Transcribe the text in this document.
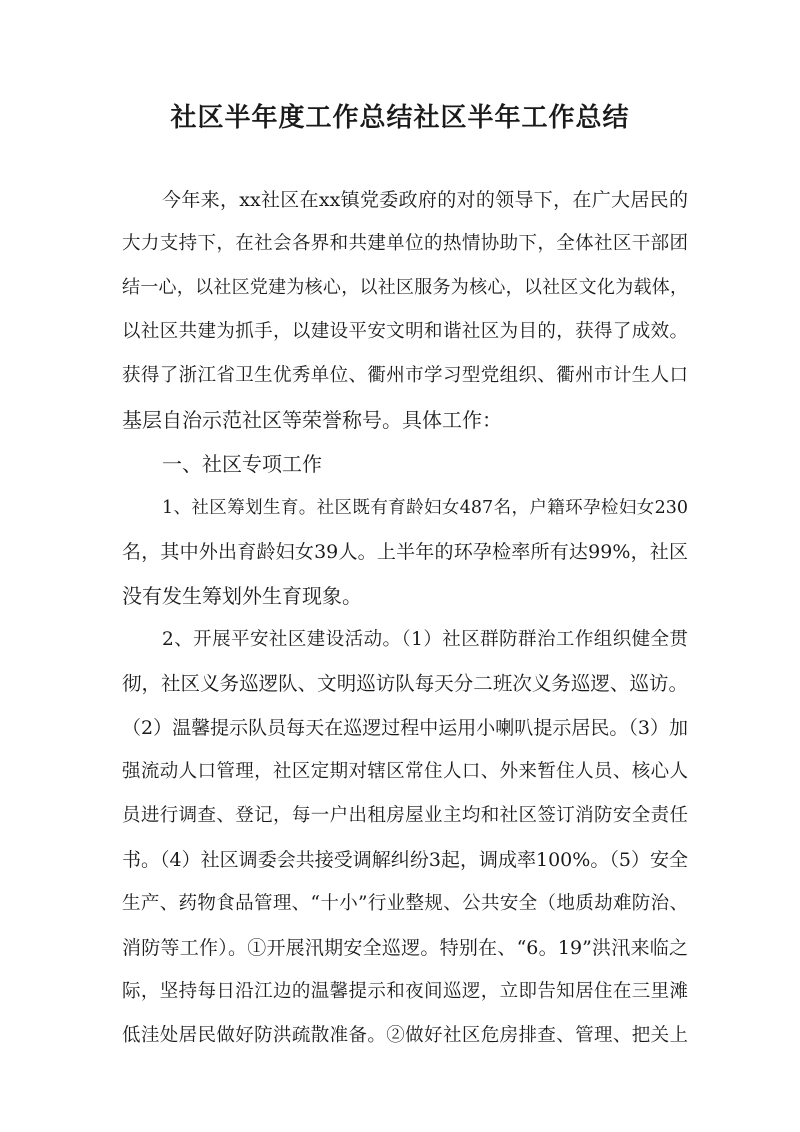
社区半年度工作总结社区半年工作总结
今年来，xx社区在xx镇党委政府的对的领导下，在广大居民的
大力支持下，在社会各界和共建单位的热情协助下，全体社区干部团
结一心，以社区党建为核心，以社区服务为核心，以社区文化为载体，
以社区共建为抓手，以建设平安文明和谐社区为目的，获得了成效。
获得了浙江省卫生优秀单位、衢州市学习型党组织、衢州市计生人口
基层自治示范社区等荣誉称号。具体工作：
一、社区专项工作
1、社区筹划生育。社区既有育龄妇女487名，户籍环孕检妇女230
名，其中外出育龄妇女39人。上半年的环孕检率所有达99%，社区
没有发生筹划外生育现象。
2、开展平安社区建设活动。（1）社区群防群治工作组织健全贯
彻，社区义务巡逻队、文明巡访队每天分二班次义务巡逻、巡访。
（2）温馨提示队员每天在巡逻过程中运用小喇叭提示居民。（3）加
强流动人口管理，社区定期对辖区常住人口、外来暂住人员、核心人
员进行调查、登记，每一户出租房屋业主均和社区签订消防安全责任
书。（4）社区调委会共接受调解纠纷3起，调成率100%。（5）安全
生产、药物食品管理、“十小”行业整规、公共安全（地质劫难防治、
消防等工作）。①开展汛期安全巡逻。特别在、“6。19”洪汛来临之
际，坚持每日沿江边的温馨提示和夜间巡逻，立即告知居住在三里滩
低洼处居民做好防洪疏散准备。②做好社区危房排查、管理、把关上
